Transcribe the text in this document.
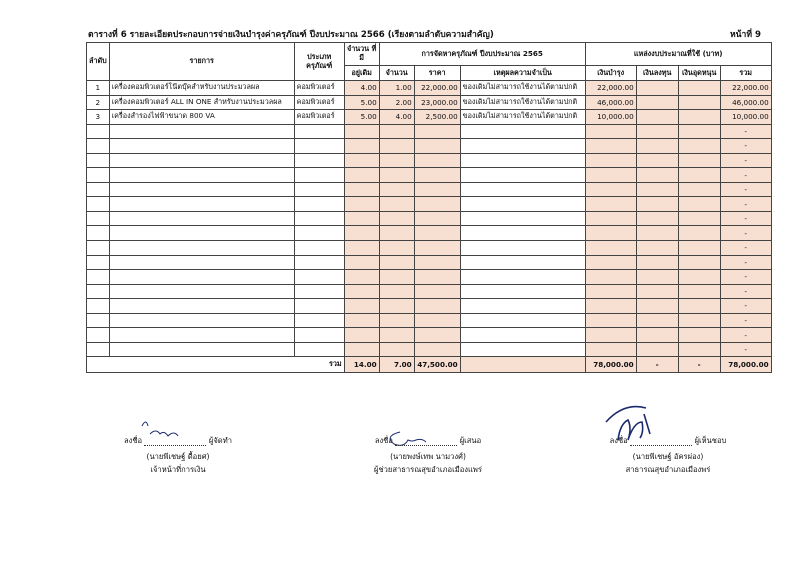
ตารางที่ 6 รายละเอียดประกอบการจ่ายเงินบำรุงค่าครุภัณฑ์ ปีงบประมาณ 2566 (เรียงตามลำดับความสำคัญ)	หน้าที่ 9
ลำดับ	รายการ	ประเภท ครุภัณฑ์	จำนวน ที่มี	การจัดหาครุภัณฑ์ ปีงบประมาณ 2565			แหล่งงบประมาณที่ใช้ (บาท)			
			อยู่เดิม	จำนวน	ราคา	เหตุผลความจำเป็น	เงินบำรุง	เงินลงทุน	เงินอุดหนุน	รวม
1	เครื่องคอมพิวเตอร์โน๊ตบุ๊คสำหรับงานประมวลผล	คอมพิวเตอร์	4.00	1.00	22,000.00	ของเดิมไม่สามารถใช้งานได้ตามปกติ	22,000.00			22,000.00
2	เครื่องคอมพิวเตอร์ ALL IN ONE สำหรับงานประมวลผล	คอมพิวเตอร์	5.00	2.00	23,000.00	ของเดิมไม่สามารถใช้งานได้ตามปกติ	46,000.00			46,000.00
3	เครื่องสำรองไฟฟ้าขนาด 800 VA	คอมพิวเตอร์	5.00	4.00	2,500.00	ของเดิมไม่สามารถใช้งานได้ตามปกติ	10,000.00			10,000.00
										-
										-
										-
										-
										-
										-
										-
										-
										-
										-
										-
										-
										-
										-
										-
										-
รวม			14.00	7.00	47,500.00		78,000.00	-	-	78,000.00
ลงชื่อ	ผู้จัดทำ
(นายพีเชษฐ์ ดื้อยศ)
เจ้าหน้าที่การเงิน
ลงชื่อ	ผู้เสนอ
(นายพงษ์เทพ นามวงศ์)
ผู้ช่วยสาธารณสุขอำเภอเมืองแพร่
ลงชื่อ	ผู้เห็นชอบ
(นายพีเชษฐ์ อัครผ่อง)
สาธารณสุขอำเภอเมืองพร่
